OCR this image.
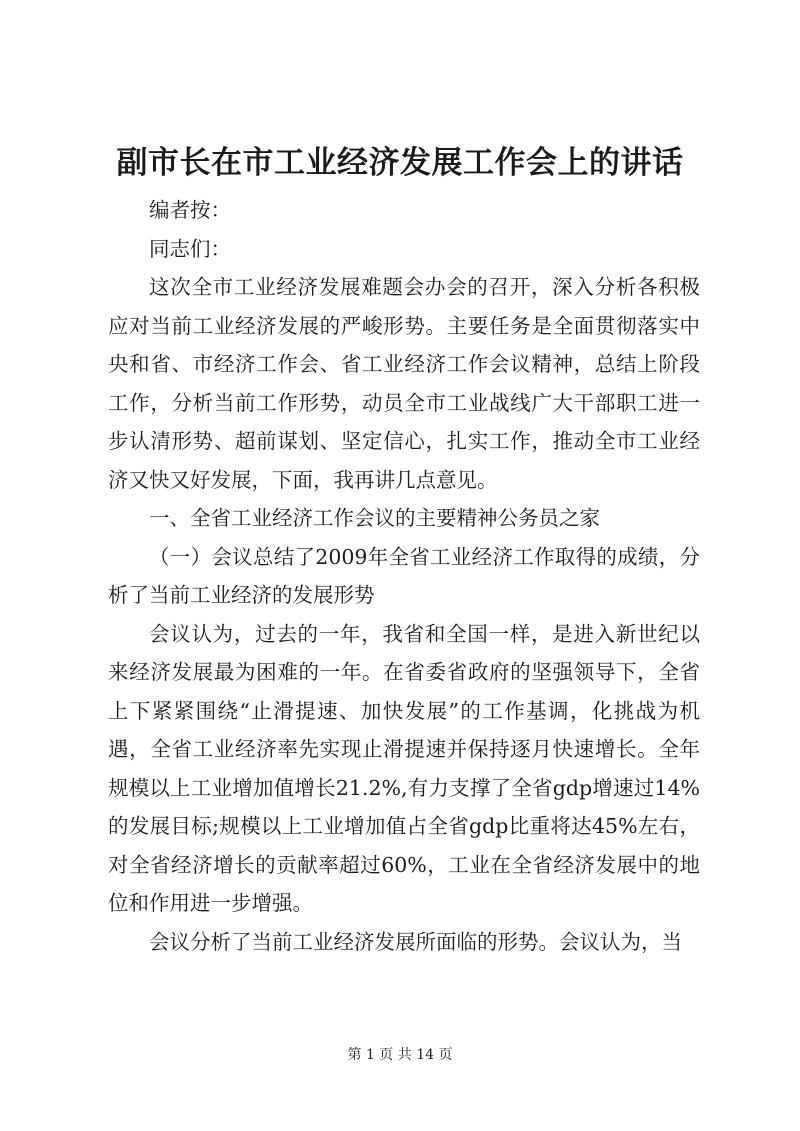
副市长在市工业经济发展工作会上的讲话

编者按：

同志们：

这次全市工业经济发展难题会办会的召开，深入分析各积极应对当前工业经济发展的严峻形势。主要任务是全面贯彻落实中央和省、市经济工作会、省工业经济工作会议精神，总结上阶段工作，分析当前工作形势，动员全市工业战线广大干部职工进一步认清形势、超前谋划、坚定信心，扎实工作，推动全市工业经济又快又好发展，下面，我再讲几点意见。

一、全省工业经济工作会议的主要精神公务员之家

（一）会议总结了2009年全省工业经济工作取得的成绩，分析了当前工业经济的发展形势

会议认为，过去的一年，我省和全国一样，是进入新世纪以来经济发展最为困难的一年。在省委省政府的坚强领导下，全省上下紧紧围绕“止滑提速、加快发展”的工作基调，化挑战为机遇，全省工业经济率先实现止滑提速并保持逐月快速增长。全年规模以上工业增加值增长21.2%,有力支撑了全省gdp增速过14%的发展目标;规模以上工业增加值占全省gdp比重将达45%左右，对全省经济增长的贡献率超过60%，工业在全省经济发展中的地位和作用进一步增强。

会议分析了当前工业经济发展所面临的形势。会议认为，当

第 1 页 共 14 页
